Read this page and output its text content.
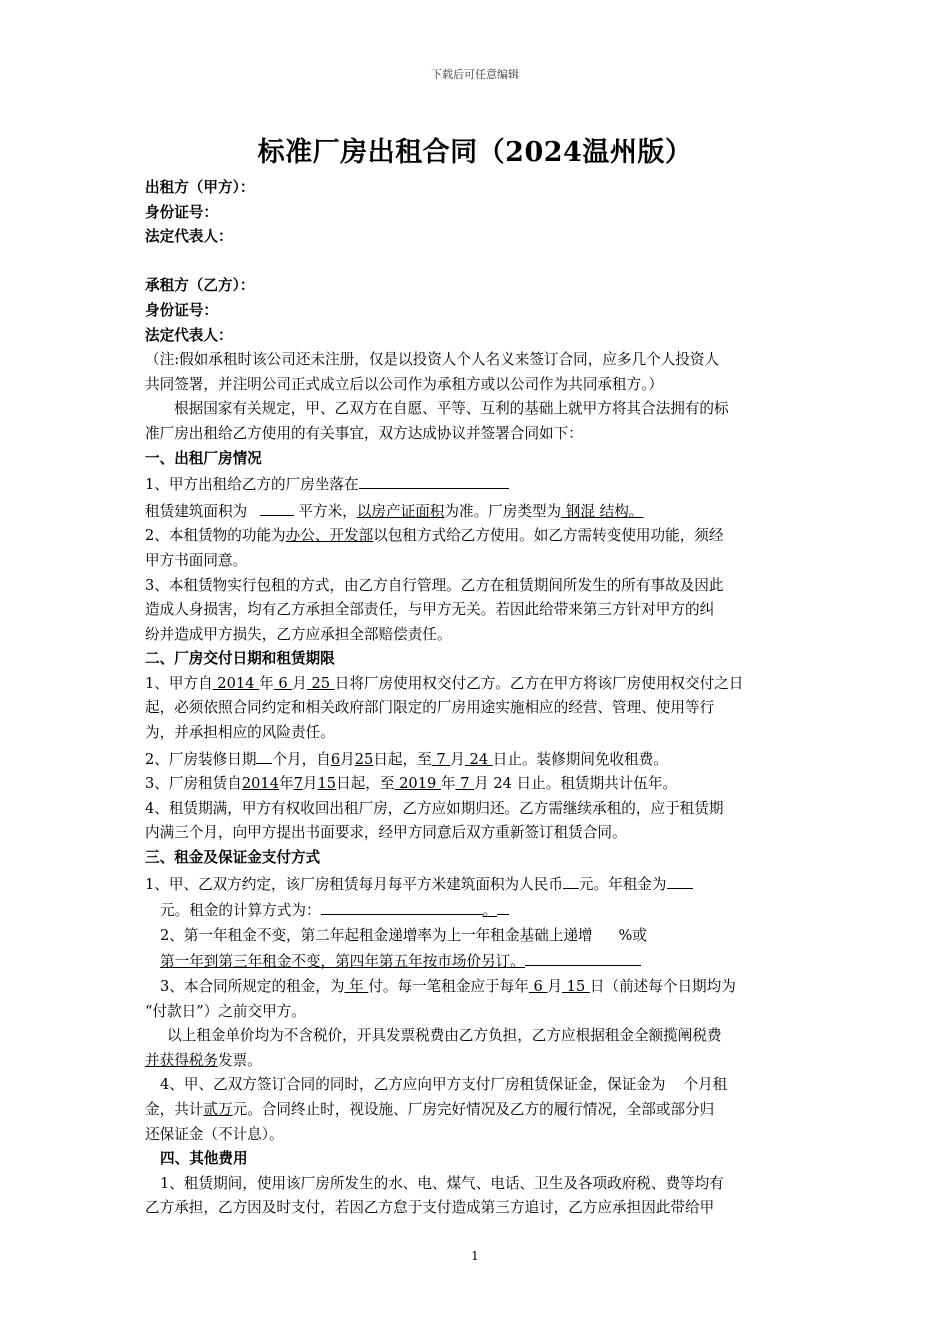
下载后可任意编辑
标准厂房出租合同（2024温州版）
出租方（甲方）：
身份证号：
法定代表人：
承租方（乙方）：
身份证号：
法定代表人：
（注:假如承租时该公司还未注册，仅是以投资人个人名义来签订合同，应多几个人投资人
共同签署，并注明公司正式成立后以公司作为承租方或以公司作为共同承租方。）
根据国家有关规定，甲、乙双方在自愿、平等、互利的基础上就甲方将其合法拥有的标
准厂房出租给乙方使用的有关事宜，双方达成协议并签署合同如下：
一、出租厂房情况
1、甲方出租给乙方的厂房坐落在
租赁建筑面积为	平方米，以房产证面积为准。厂房类型为 钢混 结构。
2、本租赁物的功能为办公、开发部以包租方式给乙方使用。如乙方需转变使用功能，须经
甲方书面同意。
3、本租赁物实行包租的方式，由乙方自行管理。乙方在租赁期间所发生的所有事故及因此
造成人身损害，均有乙方承担全部责任，与甲方无关。若因此给带来第三方针对甲方的纠
纷并造成甲方损失，乙方应承担全部赔偿责任。
二、厂房交付日期和租赁期限
1、甲方自 2014 年 6 月 25 日将厂房使用权交付乙方。乙方在甲方将该厂房使用权交付之日
起，必须依照合同约定和相关政府部门限定的厂房用途实施相应的经营、管理、使用等行
为，并承担相应的风险责任。
2、厂房装修日期 个月，自6月25日起，至 7 月 24 日止。装修期间免收租费。
3、厂房租赁自2014年7月15日起，至 2019 年 7 月 24 日止。租赁期共计伍年。
4、租赁期满，甲方有权收回出租厂房，乙方应如期归还。乙方需继续承租的，应于租赁期
内满三个月，向甲方提出书面要求，经甲方同意后双方重新签订租赁合同。
三、租金及保证金支付方式
1、甲、乙双方约定，该厂房租赁每月每平方米建筑面积为人民币 元。年租金为
元。租金的计算方式为：	。
2、第一年租金不变，第二年起租金递增率为上一年租金基础上递增 %或
第一年到第三年租金不变，第四年第五年按市场价另订。
3、本合同所规定的租金，为 年 付。每一笔租金应于每年 6 月 15 日（前述每个日期均为
“付款日”）之前交甲方。
以上租金单价均为不含税价，开具发票税费由乙方负担，乙方应根据租金全额揽阐税费
并获得税务发票。
4、甲、乙双方签订合同的同时，乙方应向甲方支付厂房租赁保证金，保证金为 个月租
金，共计贰万元。合同终止时，视设施、厂房完好情况及乙方的履行情况，全部或部分归
还保证金（不计息）。
四、其他费用
1、租赁期间，使用该厂房所发生的水、电、煤气、电话、卫生及各项政府税、费等均有
乙方承担，乙方因及时支付，若因乙方怠于支付造成第三方追讨，乙方应承担因此带给甲
1
